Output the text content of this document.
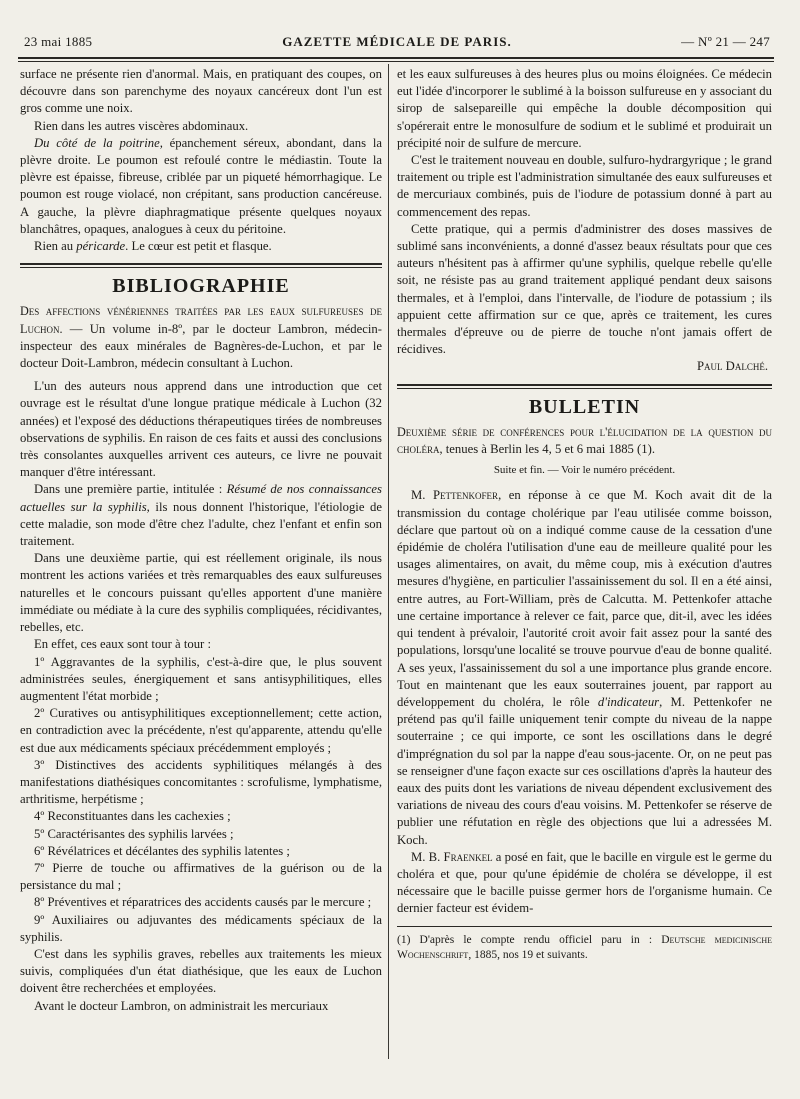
23 mai 1885	GAZETTE MÉDICALE DE PARIS.	— Nº 21 — 247

surface ne présente rien d'anormal. Mais, en pratiquant des coupes, on découvre dans son parenchyme des noyaux cancéreux dont l'un est gros comme une noix.

Rien dans les autres viscères abdominaux.

Du côté de la poitrine, épanchement séreux, abondant, dans la plèvre droite. Le poumon est refoulé contre le médiastin. Toute la plèvre est épaisse, fibreuse, criblée par un piqueté hémorrhagique. Le poumon est rouge violacé, non crépitant, sans production cancéreuse. A gauche, la plèvre diaphragmatique présente quelques noyaux blanchâtres, opaques, analogues à ceux du péritoine.

Rien au péricarde. Le cœur est petit et flasque.

BIBLIOGRAPHIE

Des affections vénériennes traitées par les eaux sulfureuses de Luchon. — Un volume in-8º, par le docteur Lambron, médecin-inspecteur des eaux minérales de Bagnères-de-Luchon, et par le docteur Doit-Lambron, médecin consultant à Luchon.

L'un des auteurs nous apprend dans une introduction que cet ouvrage est le résultat d'une longue pratique médicale à Luchon (32 années) et l'exposé des déductions thérapeutiques tirées de nombreuses observations de syphilis. En raison de ces faits et aussi des conclusions très consolantes auxquelles arrivent ces auteurs, ce livre ne pouvait manquer d'être intéressant.

Dans une première partie, intitulée : Résumé de nos connaissances actuelles sur la syphilis, ils nous donnent l'historique, l'étiologie de cette maladie, son mode d'être chez l'adulte, chez l'enfant et enfin son traitement.

Dans une deuxième partie, qui est réellement originale, ils nous montrent les actions variées et très remarquables des eaux sulfureuses naturelles et le concours puissant qu'elles apportent d'une manière immédiate ou médiate à la cure des syphilis compliquées, récidivantes, rebelles, etc.

En effet, ces eaux sont tour à tour :

1º Aggravantes de la syphilis, c'est-à-dire que, le plus souvent administrées seules, énergiquement et sans antisyphilitiques, elles augmentent l'état morbide ;

2º Curatives ou antisyphilitiques exceptionnellement; cette action, en contradiction avec la précédente, n'est qu'apparente, attendu qu'elle est due aux médicaments spéciaux précédemment employés ;

3º Distinctives des accidents syphilitiques mélangés à des manifestations diathésiques concomitantes : scrofulisme, lymphatisme, arthritisme, herpétisme ;

4º Reconstituantes dans les cachexies ;

5º Caractérisantes des syphilis larvées ;

6º Révélatrices et décélantes des syphilis latentes ;

7º Pierre de touche ou affirmatives de la guérison ou de la persistance du mal ;

8º Préventives et réparatrices des accidents causés par le mercure ;

9º Auxiliaires ou adjuvantes des médicaments spéciaux de la syphilis.

C'est dans les syphilis graves, rebelles aux traitements les mieux suivis, compliquées d'un état diathésique, que les eaux de Luchon doivent être recherchées et employées.

Avant le docteur Lambron, on administrait les mercuriaux

et les eaux sulfureuses à des heures plus ou moins éloignées. Ce médecin eut l'idée d'incorporer le sublimé à la boisson sulfureuse en y associant du sirop de salsepareille qui empêche la double décomposition qui s'opérerait entre le monosulfure de sodium et le sublimé et produirait un précipité noir de sulfure de mercure.

C'est le traitement nouveau en double, sulfuro-hydrargyrique ; le grand traitement ou triple est l'administration simultanée des eaux sulfureuses et de mercuriaux combinés, puis de l'iodure de potassium donné à part au commencement des repas.

Cette pratique, qui a permis d'administrer des doses massives de sublimé sans inconvénients, a donné d'assez beaux résultats pour que ces auteurs n'hésitent pas à affirmer qu'une syphilis, quelque rebelle qu'elle soit, ne résiste pas au grand traitement appliqué pendant deux saisons thermales, et à l'emploi, dans l'intervalle, de l'iodure de potassium ; ils appuient cette affirmation sur ce que, après ce traitement, les cures thermales d'épreuve ou de pierre de touche n'ont jamais offert de récidives.

Paul Dalché.

BULLETIN

Deuxième série de conférences pour l'élucidation de la question du choléra, tenues à Berlin les 4, 5 et 6 mai 1885 (1).

Suite et fin. — Voir le numéro précédent.

M. Pettenkofer, en réponse à ce que M. Koch avait dit de la transmission du contage cholérique par l'eau utilisée comme boisson, déclare que partout où on a indiqué comme cause de la cessation d'une épidémie de choléra l'utilisation d'une eau de meilleure qualité pour les usages alimentaires, on avait, du même coup, mis à exécution d'autres mesures d'hygiène, en particulier l'assainissement du sol. Il en a été ainsi, entre autres, au Fort-William, près de Calcutta. M. Pettenkofer attache une certaine importance à relever ce fait, parce que, dit-il, avec les idées qui tendent à prévaloir, l'autorité croit avoir fait assez pour la santé des populations, lorsqu'une localité se trouve pourvue d'eau de bonne qualité. A ses yeux, l'assainissement du sol a une importance plus grande encore. Tout en maintenant que les eaux souterraines jouent, par rapport au développement du choléra, le rôle d'indicateur, M. Pettenkofer ne prétend pas qu'il faille uniquement tenir compte du niveau de la nappe souterraine ; ce qui importe, ce sont les oscillations dans le degré d'imprégnation du sol par la nappe d'eau sous-jacente. Or, on ne peut pas se renseigner d'une façon exacte sur ces oscillations d'après la hauteur des eaux des puits dont les variations de niveau dépendent exclusivement des variations de niveau des cours d'eau voisins. M. Pettenkofer se réserve de publier une réfutation en règle des objections que lui a adressées M. Koch.

M. B. Fraenkel a posé en fait, que le bacille en virgule est le germe du choléra et que, pour qu'une épidémie de choléra se développe, il est nécessaire que le bacille puisse germer hors de l'organisme humain. Ce dernier facteur est évidem-

(1) D'après le compte rendu officiel paru in : Deutsche medicinische Wochenschrift, 1885, nos 19 et suivants.
